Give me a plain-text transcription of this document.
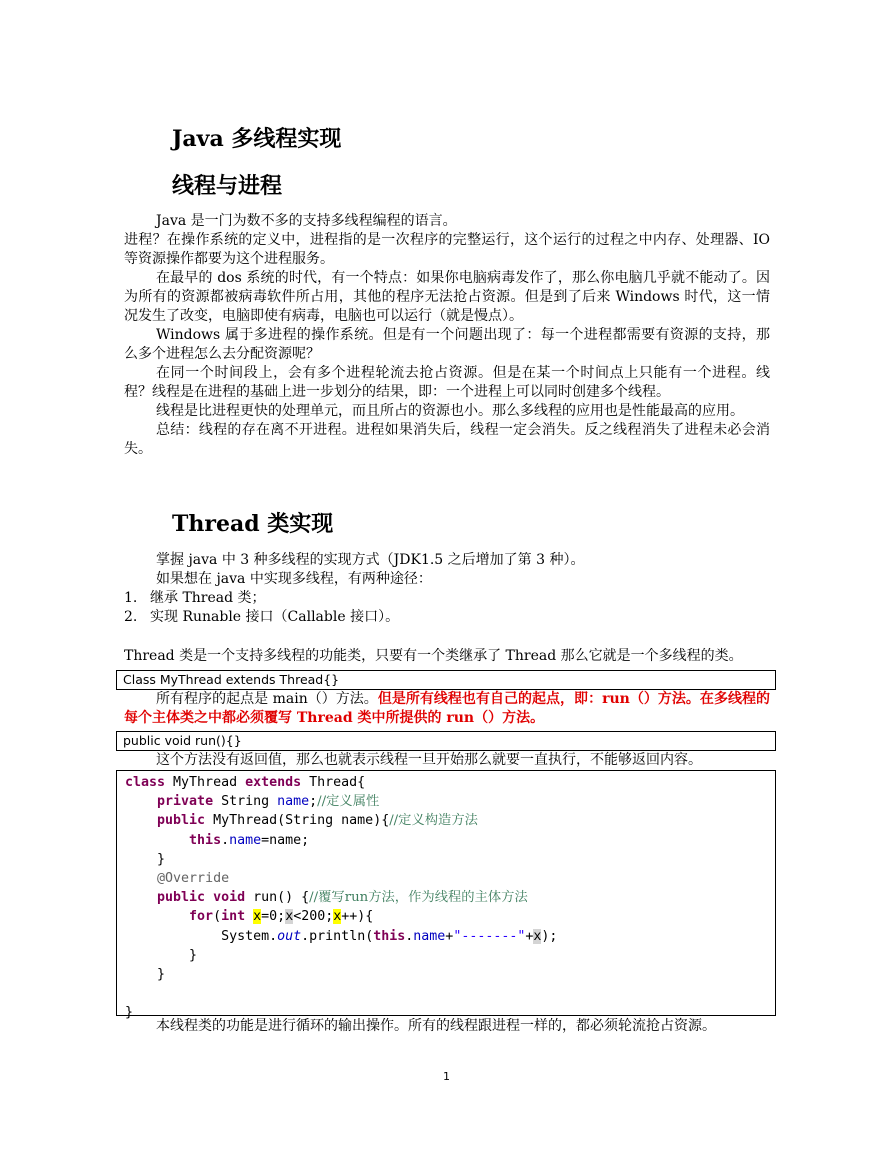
Java 多线程实现
线程与进程

Java 是一门为数不多的支持多线程编程的语言。

进程？在操作系统的定义中，进程指的是一次程序的完整运行，这个运行的过程之中内存、处理器、IO 等资源操作都要为这个进程服务。

在最早的 dos 系统的时代，有一个特点：如果你电脑病毒发作了，那么你电脑几乎就不能动了。因为所有的资源都被病毒软件所占用，其他的程序无法抢占资源。但是到了后来 Windows 时代，这一情况发生了改变，电脑即使有病毒，电脑也可以运行（就是慢点）。

Windows 属于多进程的操作系统。但是有一个问题出现了：每一个进程都需要有资源的支持，那么多个进程怎么去分配资源呢？

在同一个时间段上，会有多个进程轮流去抢占资源。但是在某一个时间点上只能有一个进程。线程？线程是在进程的基础上进一步划分的结果，即：一个进程上可以同时创建多个线程。

线程是比进程更快的处理单元，而且所占的资源也小。那么多线程的应用也是性能最高的应用。

总结：线程的存在离不开进程。进程如果消失后，线程一定会消失。反之线程消失了进程未必会消失。

Thread 类实现

掌握 java 中 3 种多线程的实现方式（JDK1.5 之后增加了第 3 种）。

如果想在 java 中实现多线程，有两种途径：

1. 继承 Thread 类；
2. 实现 Runable 接口（Callable 接口）。

Thread 类是一个支持多线程的功能类，只要有一个类继承了 Thread 那么它就是一个多线程的类。

Class MyThread extends Thread{}

所有程序的起点是 main（）方法。但是所有线程也有自己的起点，即：run（）方法。在多线程的每个主体类之中都必须覆写 Thread 类中所提供的 run（）方法。

public void run(){}

这个方法没有返回值，那么也就表示线程一旦开始那么就要一直执行，不能够返回内容。

class MyThread extends Thread{
private String name;//定义属性
public MyThread(String name){//定义构造方法
this.name=name;
}
@Override
public void run() {//覆写run方法，作为线程的主体方法
for(int x=0;x<200;x++){
System.out.println(this.name+"-------"+x);
}
}

}

本线程类的功能是进行循环的输出操作。所有的线程跟进程一样的，都必须轮流抢占资源。

1
